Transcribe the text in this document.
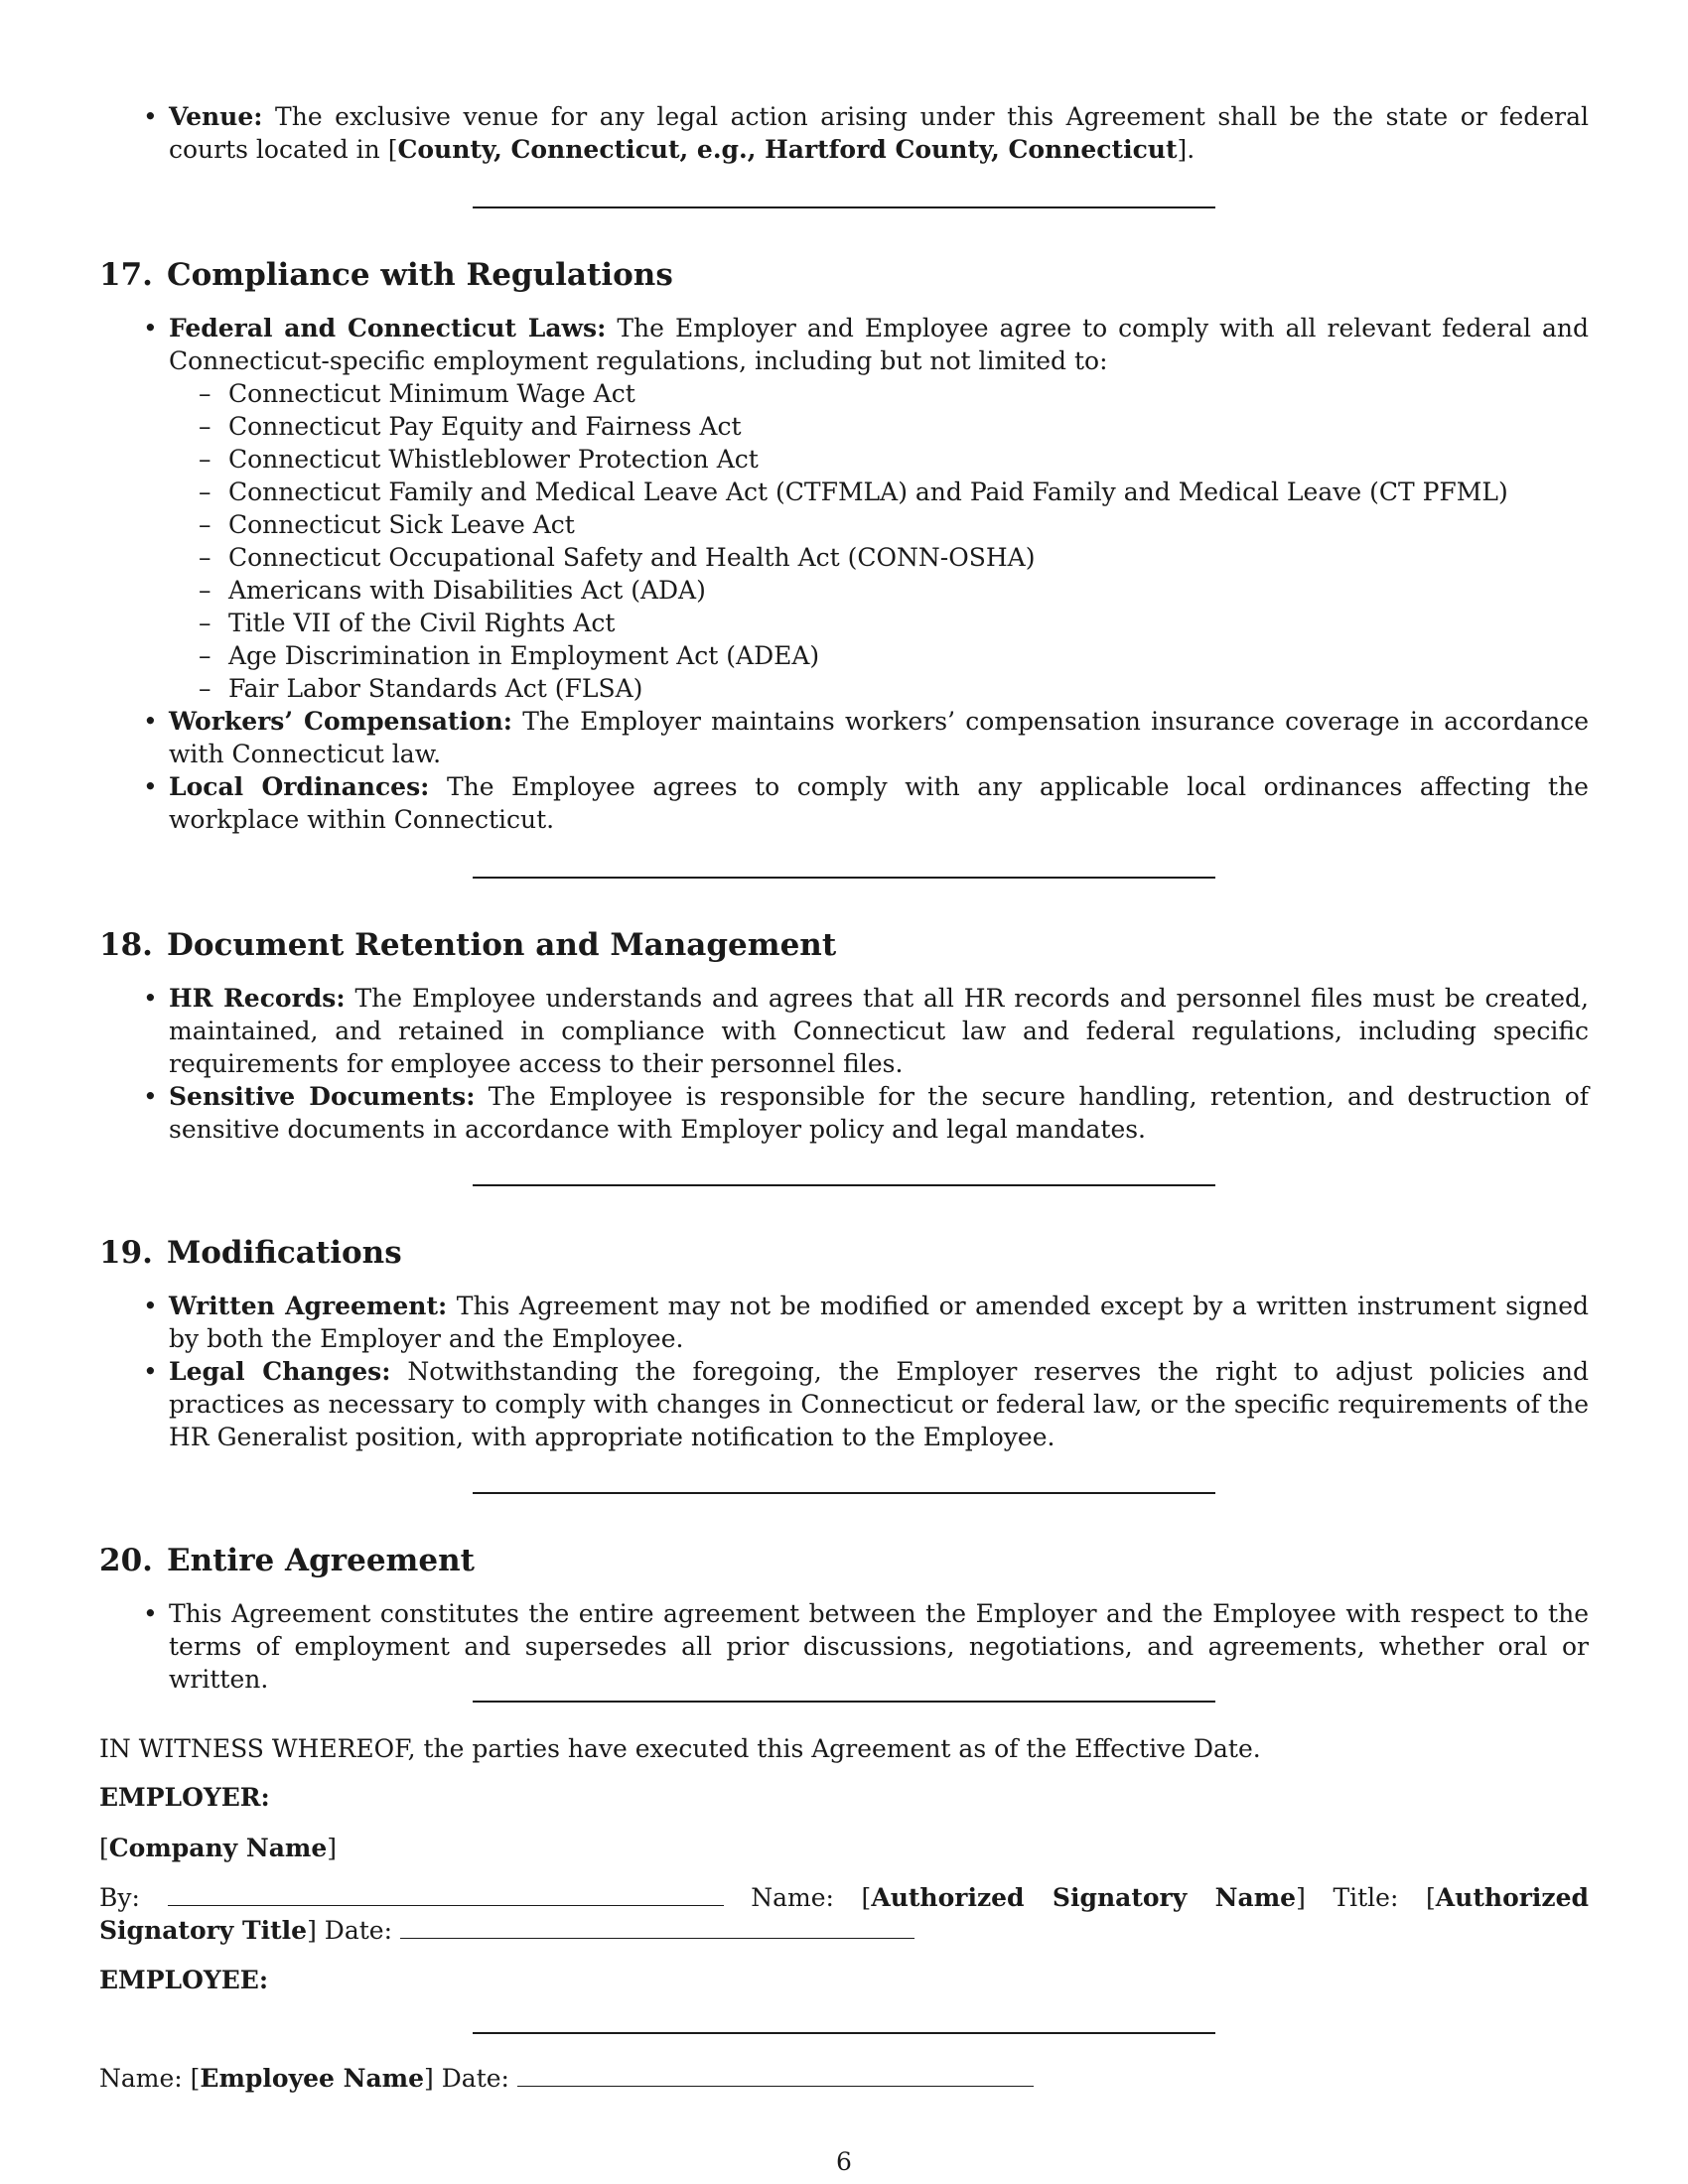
• Venue: The exclusive venue for any legal action arising under this Agreement shall be the state or federal courts located in [County, Connecticut, e.g., Hartford County, Connecticut].
17. Compliance with Regulations
• Federal and Connecticut Laws: The Employer and Employee agree to comply with all relevant federal and Connecticut-specific employment regulations, including but not limited to:
– Connecticut Minimum Wage Act
– Connecticut Pay Equity and Fairness Act
– Connecticut Whistleblower Protection Act
– Connecticut Family and Medical Leave Act (CTFMLA) and Paid Family and Medical Leave (CT PFML)
– Connecticut Sick Leave Act
– Connecticut Occupational Safety and Health Act (CONN-OSHA)
– Americans with Disabilities Act (ADA)
– Title VII of the Civil Rights Act
– Age Discrimination in Employment Act (ADEA)
– Fair Labor Standards Act (FLSA)
• Workers’ Compensation: The Employer maintains workers’ compensation insurance coverage in accordance with Connecticut law.
• Local Ordinances: The Employee agrees to comply with any applicable local ordinances affecting the workplace within Connecticut.
18. Document Retention and Management
• HR Records: The Employee understands and agrees that all HR records and personnel files must be created, maintained, and retained in compliance with Connecticut law and federal regulations, including specific requirements for employee access to their personnel files.
• Sensitive Documents: The Employee is responsible for the secure handling, retention, and destruction of sensitive documents in accordance with Employer policy and legal mandates.
19. Modifications
• Written Agreement: This Agreement may not be modified or amended except by a written instrument signed by both the Employer and the Employee.
• Legal Changes: Notwithstanding the foregoing, the Employer reserves the right to adjust policies and practices as necessary to comply with changes in Connecticut or federal law, or the specific requirements of the HR Generalist position, with appropriate notification to the Employee.
20. Entire Agreement
• This Agreement constitutes the entire agreement between the Employer and the Employee with respect to the terms of employment and supersedes all prior discussions, negotiations, and agreements, whether oral or written.
IN WITNESS WHEREOF, the parties have executed this Agreement as of the Effective Date.
EMPLOYER:
[Company Name]
By:	Name: [Authorized Signatory Name] Title: [Authorized Signatory Title] Date:
EMPLOYEE:
Name: [Employee Name] Date:
6
